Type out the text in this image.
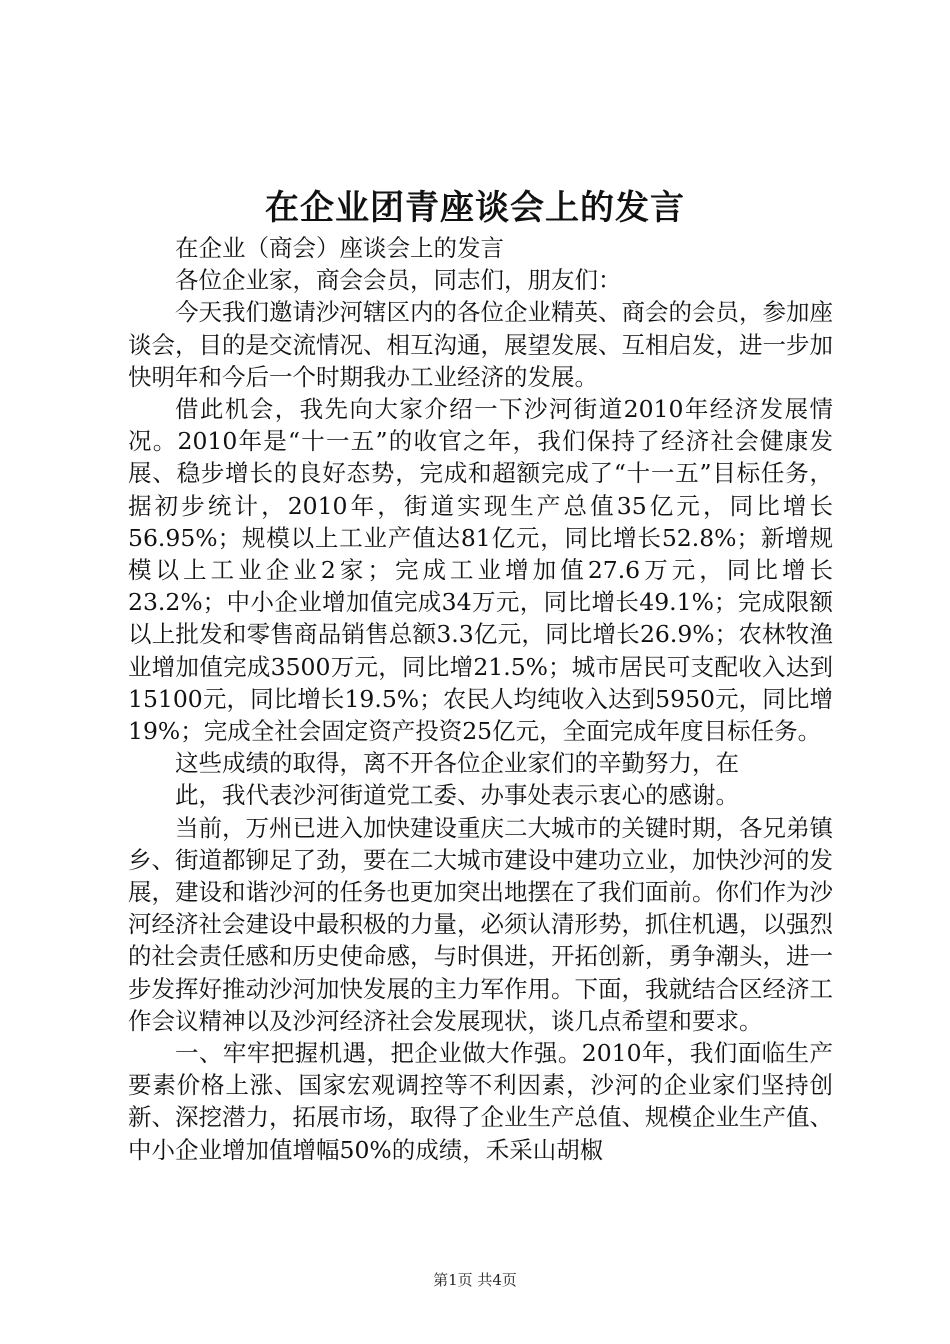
在企业团青座谈会上的发言

在企业（商会）座谈会上的发言

各位企业家，商会会员，同志们，朋友们：

今天我们邀请沙河辖区内的各位企业精英、商会的会员，参加座谈会，目的是交流情况、相互沟通，展望发展、互相启发，进一步加快明年和今后一个时期我办工业经济的发展。

借此机会，我先向大家介绍一下沙河街道2010年经济发展情况。2010年是“十一五”的收官之年，我们保持了经济社会健康发展、稳步增长的良好态势，完成和超额完成了“十一五”目标任务，据初步统计，2010年，街道实现生产总值35亿元，同比增长56.95%；规模以上工业产值达81亿元，同比增长52.8%；新增规模以上工业企业2家；完成工业增加值27.6万元，同比增长23.2%；中小企业增加值完成34万元，同比增长49.1%；完成限额以上批发和零售商品销售总额3.3亿元，同比增长26.9%；农林牧渔业增加值完成3500万元，同比增21.5%；城市居民可支配收入达到15100元，同比增长19.5%；农民人均纯收入达到5950元，同比增19%；完成全社会固定资产投资25亿元，全面完成年度目标任务。

这些成绩的取得，离不开各位企业家们的辛勤努力，在

此，我代表沙河街道党工委、办事处表示衷心的感谢。

当前，万州已进入加快建设重庆二大城市的关键时期，各兄弟镇乡、街道都铆足了劲，要在二大城市建设中建功立业，加快沙河的发展，建设和谐沙河的任务也更加突出地摆在了我们面前。你们作为沙河经济社会建设中最积极的力量，必须认清形势，抓住机遇，以强烈的社会责任感和历史使命感，与时俱进，开拓创新，勇争潮头，进一步发挥好推动沙河加快发展的主力军作用。下面，我就结合区经济工作会议精神以及沙河经济社会发展现状，谈几点希望和要求。

一、牢牢把握机遇，把企业做大作强。2010年，我们面临生产要素价格上涨、国家宏观调控等不利因素，沙河的企业家们坚持创新、深挖潜力，拓展市场，取得了企业生产总值、规模企业生产值、中小企业增加值增幅50%的成绩，禾采山胡椒

第1页 共4页
